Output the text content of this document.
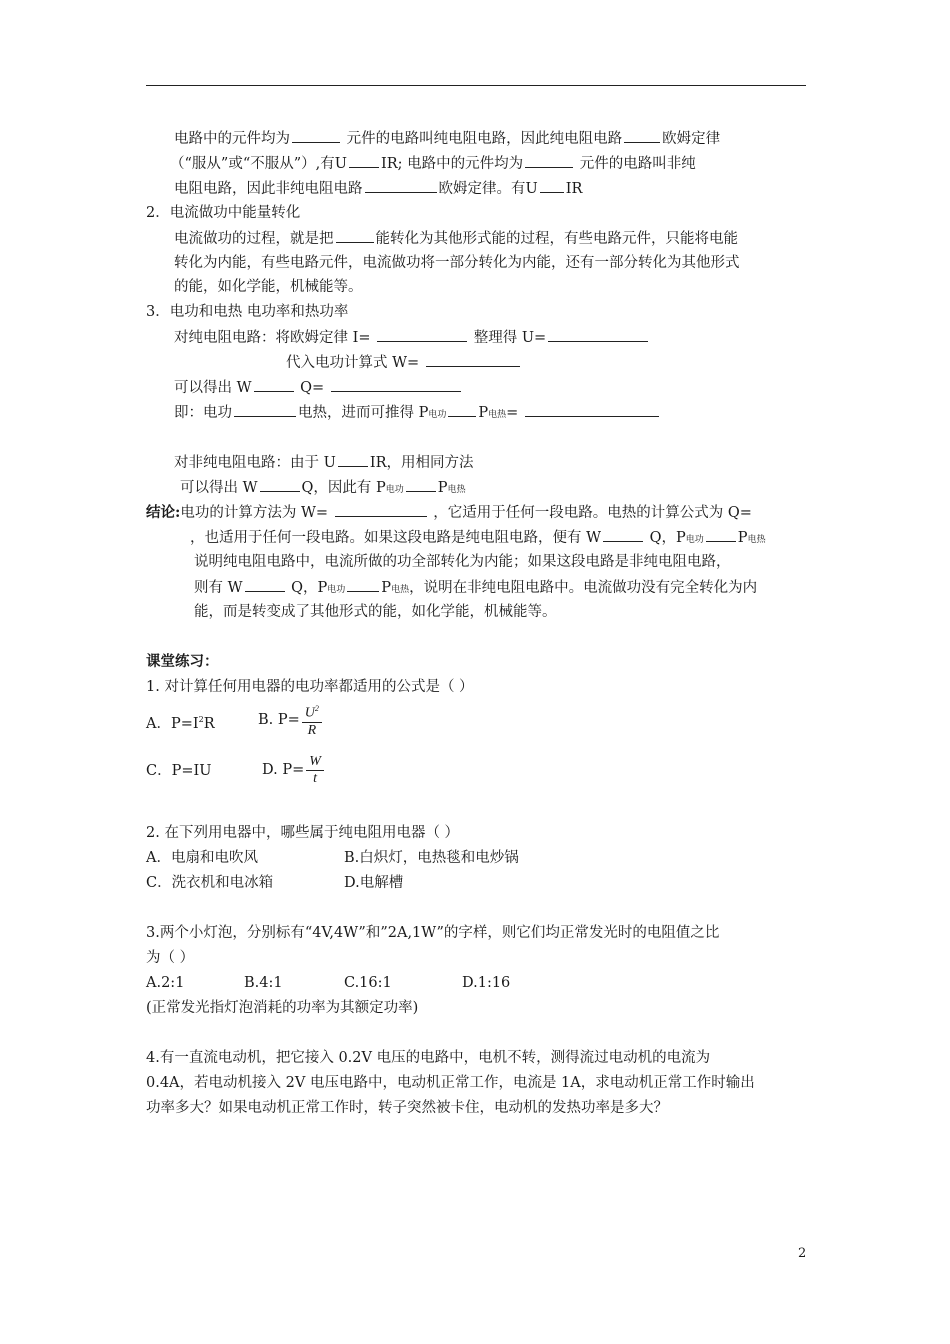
电路中的元件均为	元件的电路叫纯电阻电路，因此纯电阻电路	欧姆定律
（“服从”或“不服从”）,有U IR; 电路中的元件均为	元件的电路叫非纯
电阻电路，因此非纯电阻电路	欧姆定律。有U IR
2．电流做功中能量转化
电流做功的过程，就是把	能转化为其他形式能的过程，有些电路元件，只能将电能
转化为内能，有些电路元件，电流做功将一部分转化为内能，还有一部分转化为其他形式
的能，如化学能，机械能等。
3．电功和电热 电功率和热功率
对纯电阻电路：将欧姆定律 I=	整理得 U=
代入电功计算式 W=
可以得出 W	Q=
即：电功	电热，进而可推得 P电功 P电热=
对非纯电阻电路：由于 U IR，用相同方法
可以得出 W	Q，因此有 P电功 P电热
结论:电功的计算方法为 W=	，它适用于任何一段电路。电热的计算公式为 Q=
，也适用于任何一段电路。如果这段电路是纯电阻电路，便有 W	Q，P电功 P电热
说明纯电阻电路中，电流所做的功全部转化为内能；如果这段电路是非纯电阻电路，
则有 W	Q，P电功 P电热，说明在非纯电阻电路中。电流做功没有完全转化为内
能，而是转变成了其他形式的能，如化学能，机械能等。
课堂练习：
1. 对计算任何用电器的电功率都适用的公式是（ ）
A．$P=I^2R$	B. $P= \frac{U^2}{R}$
C．P=IU	D. $P= \frac{W}{t}$
2. 在下列用电器中，哪些属于纯电阻用电器（ ）
A．电扇和电吹风	B.白炽灯，电热毯和电炒锅
C．洗衣机和电冰箱	D.电解槽
3.两个小灯泡，分别标有“4V,4W”和”2A,1W”的字样，则它们均正常发光时的电阻值之比
为（ ）
A.2:1	B.4:1	C.16:1	D.1:16
(正常发光指灯泡消耗的功率为其额定功率)
4.有一直流电动机，把它接入 0.2V 电压的电路中，电机不转，测得流过电动机的电流为
0.4A，若电动机接入 2V 电压电路中，电动机正常工作，电流是 1A，求电动机正常工作时输出
功率多大？如果电动机正常工作时，转子突然被卡住，电动机的发热功率是多大？
2
